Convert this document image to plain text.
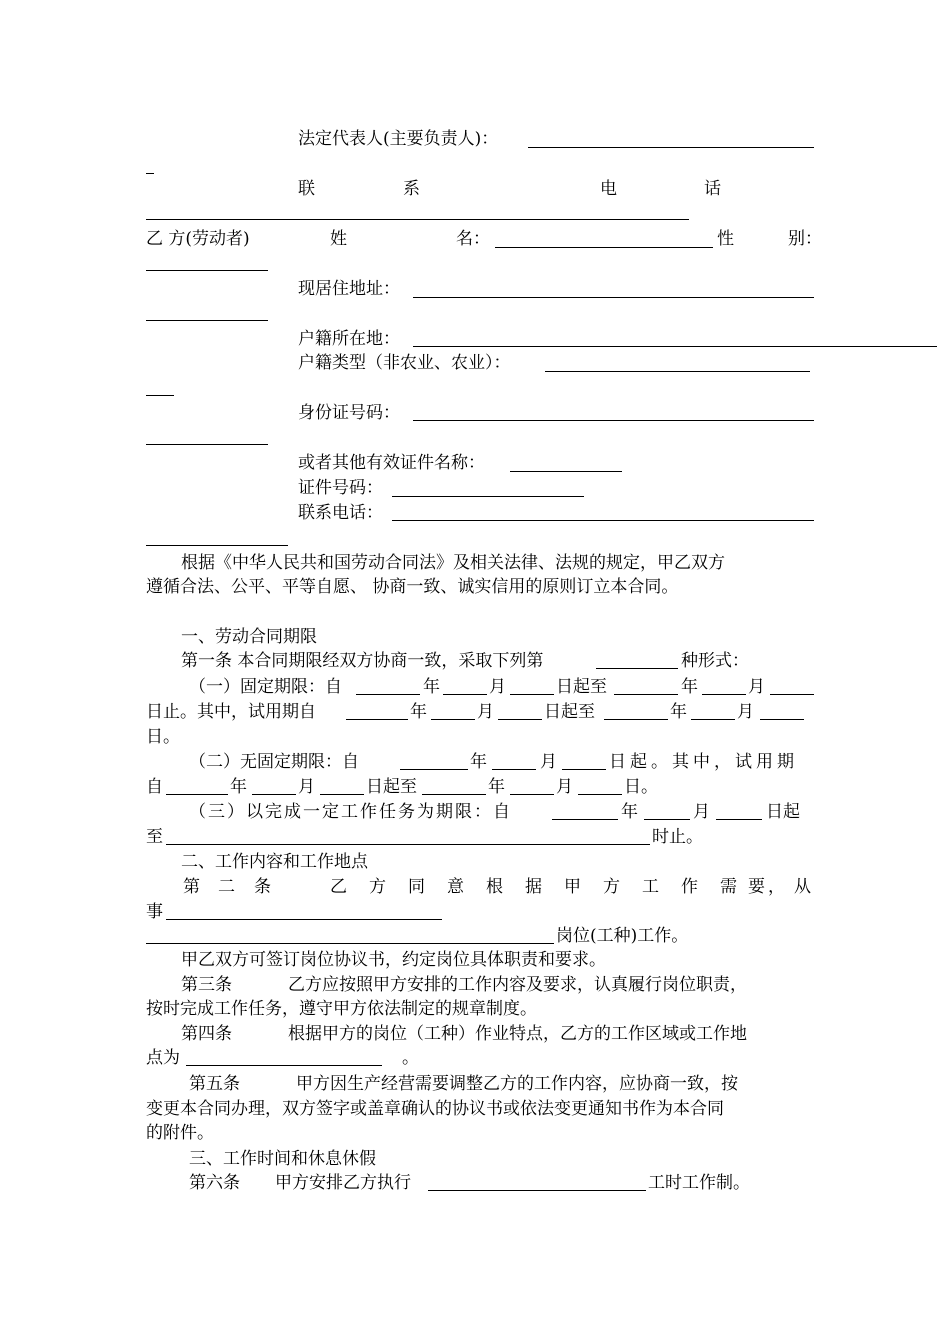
法定代表人(主要负责人)：
联	系	电	话
乙 方(劳动者)	姓	名：	性	别：
现居住地址：
户籍所在地：
户籍类型（非农业、农业）：
身份证号码：
或者其他有效证件名称：
证件号码：
联系电话：
根据《中华人民共和国劳动合同法》及相关法律、法规的规定，甲乙双方
遵循合法、公平、平等自愿、 协商一致、诚实信用的原则订立本合同。
一、劳动合同期限
第一条 本合同期限经双方协商一致，采取下列第	种形式：
（一）固定期限：自	年	月	日起至	年	月
日止。其中，试用期自	年	月	日起至	年	月
日。
（二）无固定期限：自	年	月	日起。其中，试用期
自	年	月	日起至	年	月	日。
（三）以完成一定工作任务为期限：自	年	月	日起
至	时止。
二、工作内容和工作地点
第 二 条	乙 方 同 意 根 据 甲 方 工 作 需 要 ， 从
事
岗位(工种)工作。
甲乙双方可签订岗位协议书，约定岗位具体职责和要求。
第三条	乙方应按照甲方安排的工作内容及要求，认真履行岗位职责，
按时完成工作任务，遵守甲方依法制定的规章制度。
第四条	根据甲方的岗位（工种）作业特点，乙方的工作区域或工作地
点为	。
第五条	甲方因生产经营需要调整乙方的工作内容，应协商一致，按
变更本合同办理，双方签字或盖章确认的协议书或依法变更通知书作为本合同
的附件。
三、工作时间和休息休假
第六条 甲方安排乙方执行	工时工作制。
